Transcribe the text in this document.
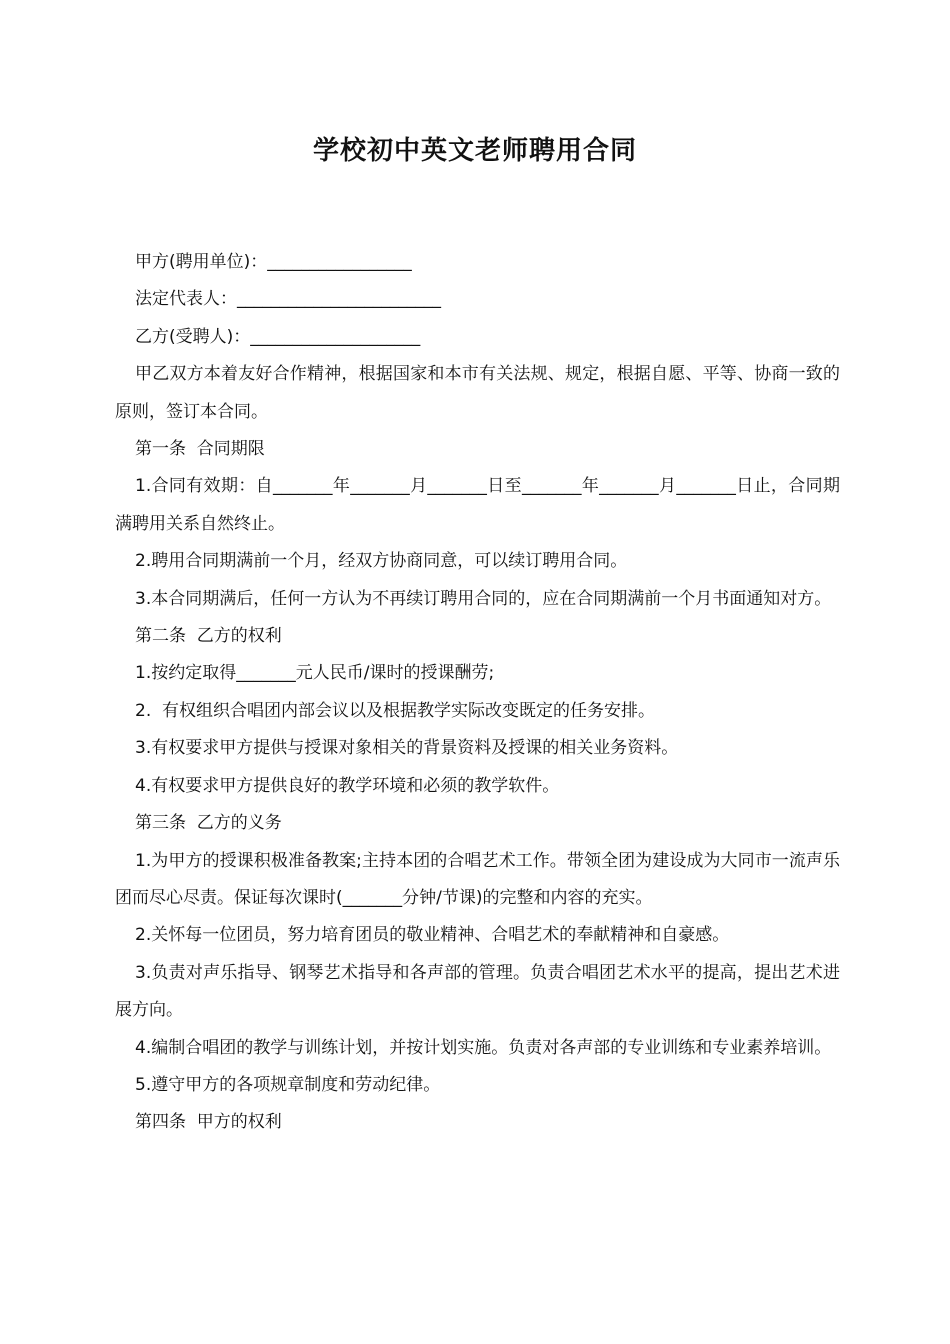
学校初中英文老师聘用合同

甲方(聘用单位)：_________________

法定代表人：________________________

乙方(受聘人)：____________________

甲乙双方本着友好合作精神，根据国家和本市有关法规、规定，根据自愿、平等、协商一致的原则，签订本合同。

第一条  合同期限

1.合同有效期：自_______年_______月_______日至_______年_______月_______日止，合同期满聘用关系自然终止。

2.聘用合同期满前一个月，经双方协商同意，可以续订聘用合同。

3.本合同期满后，任何一方认为不再续订聘用合同的，应在合同期满前一个月书面通知对方。

第二条  乙方的权利

1.按约定取得_______元人民币/课时的授课酬劳;

2.  有权组织合唱团内部会议以及根据教学实际改变既定的任务安排。

3.有权要求甲方提供与授课对象相关的背景资料及授课的相关业务资料。

4.有权要求甲方提供良好的教学环境和必须的教学软件。

第三条  乙方的义务

1.为甲方的授课积极准备教案;主持本团的合唱艺术工作。带领全团为建设成为大同市一流声乐团而尽心尽责。保证每次课时(_______分钟/节课)的完整和内容的充实。

2.关怀每一位团员，努力培育团员的敬业精神、合唱艺术的奉献精神和自豪感。

3.负责对声乐指导、钢琴艺术指导和各声部的管理。负责合唱团艺术水平的提高，提出艺术进展方向。

4.编制合唱团的教学与训练计划，并按计划实施。负责对各声部的专业训练和专业素养培训。

5.遵守甲方的各项规章制度和劳动纪律。

第四条  甲方的权利
